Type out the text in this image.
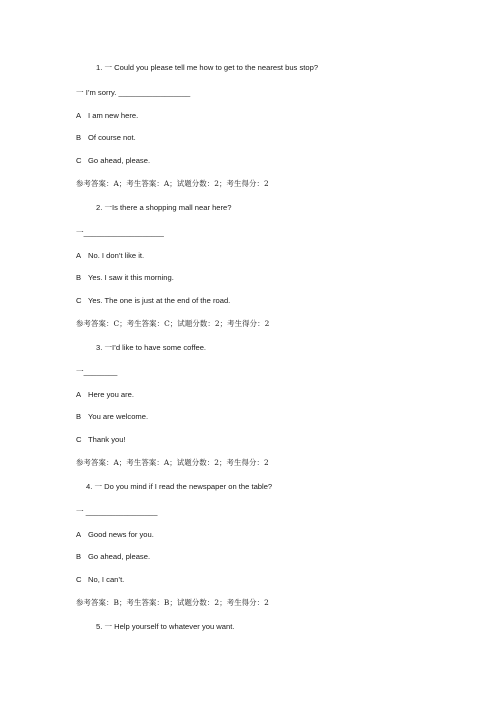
1. 一 Could you please tell me how to get to the nearest bus stop?
一 I’m sorry. _________________
A I am new here.
B Of course not.
C Go ahead, please.
参考答案：A；考生答案：A；试题分数：2；考生得分：2
2. 一Is there a shopping mall near here?
一___________________
A No. I don’t like it.
B Yes. I saw it this morning.
C Yes. The one is just at the end of the road.
参考答案：C；考生答案：C；试题分数：2；考生得分：2
3. 一I’d like to have some coffee.
一________
A Here you are.
B You are welcome.
C Thank you!
参考答案：A；考生答案：A；试题分数：2；考生得分：2
4. 一 Do you mind if I read the newspaper on the table?
一 _________________
A Good news for you.
B Go ahead, please.
C No, I can’t.
参考答案：B；考生答案：B；试题分数：2；考生得分：2
5. 一 Help yourself to whatever you want.
